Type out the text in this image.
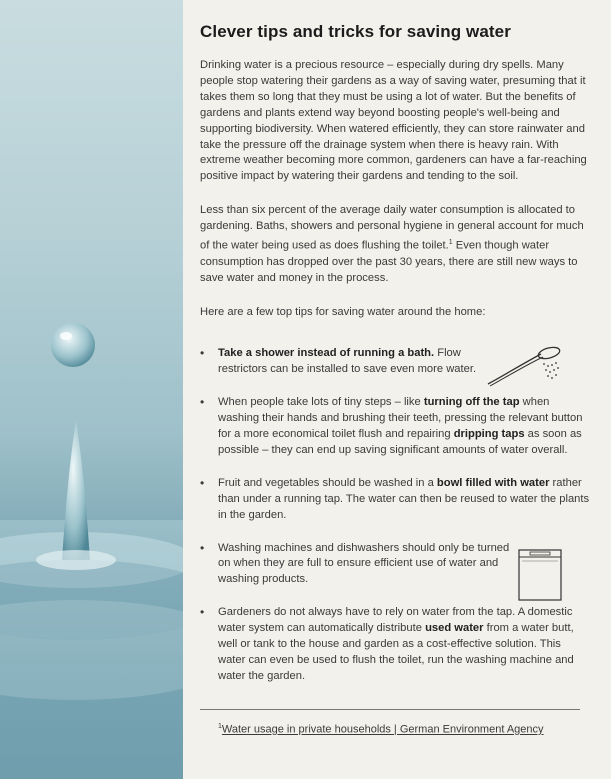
Clever tips and tricks for saving water

Drinking water is a precious resource – especially during dry spells. Many people stop watering their gardens as a way of saving water, presuming that it takes them so long that they must be using a lot of water. But the benefits of gardens and plants extend way beyond boosting people's well-being and supporting biodiversity. When watered efficiently, they can store rainwater and take the pressure off the drainage system when there is heavy rain. With extreme weather becoming more common, gardeners can have a far-reaching positive impact by watering their gardens and tending to the soil.

Less than six percent of the average daily water consumption is allocated to gardening. Baths, showers and personal hygiene in general account for much of the water being used as does flushing the toilet.$^1$ Even though water consumption has dropped over the past 30 years, there are still new ways to save water and money in the process.

Here are a few top tips for saving water around the home:

• Take a shower instead of running a bath. Flow restrictors can be installed to save even more water.
• When people take lots of tiny steps – like turning off the tap when washing their hands and brushing their teeth, pressing the relevant button for a more economical toilet flush and repairing dripping taps as soon as possible – they can end up saving significant amounts of water overall.
• Fruit and vegetables should be washed in a bowl filled with water rather than under a running tap. The water can then be reused to water the plants in the garden.
• Washing machines and dishwashers should only be turned on when they are full to ensure efficient use of water and washing products.
• Gardeners do not always have to rely on water from the tap. A domestic water system can automatically distribute used water from a water butt, well or tank to the house and garden as a cost-effective solution. This water can even be used to flush the toilet, run the washing machine and water the garden.
$^1$Water usage in private households | German Environment Agency
